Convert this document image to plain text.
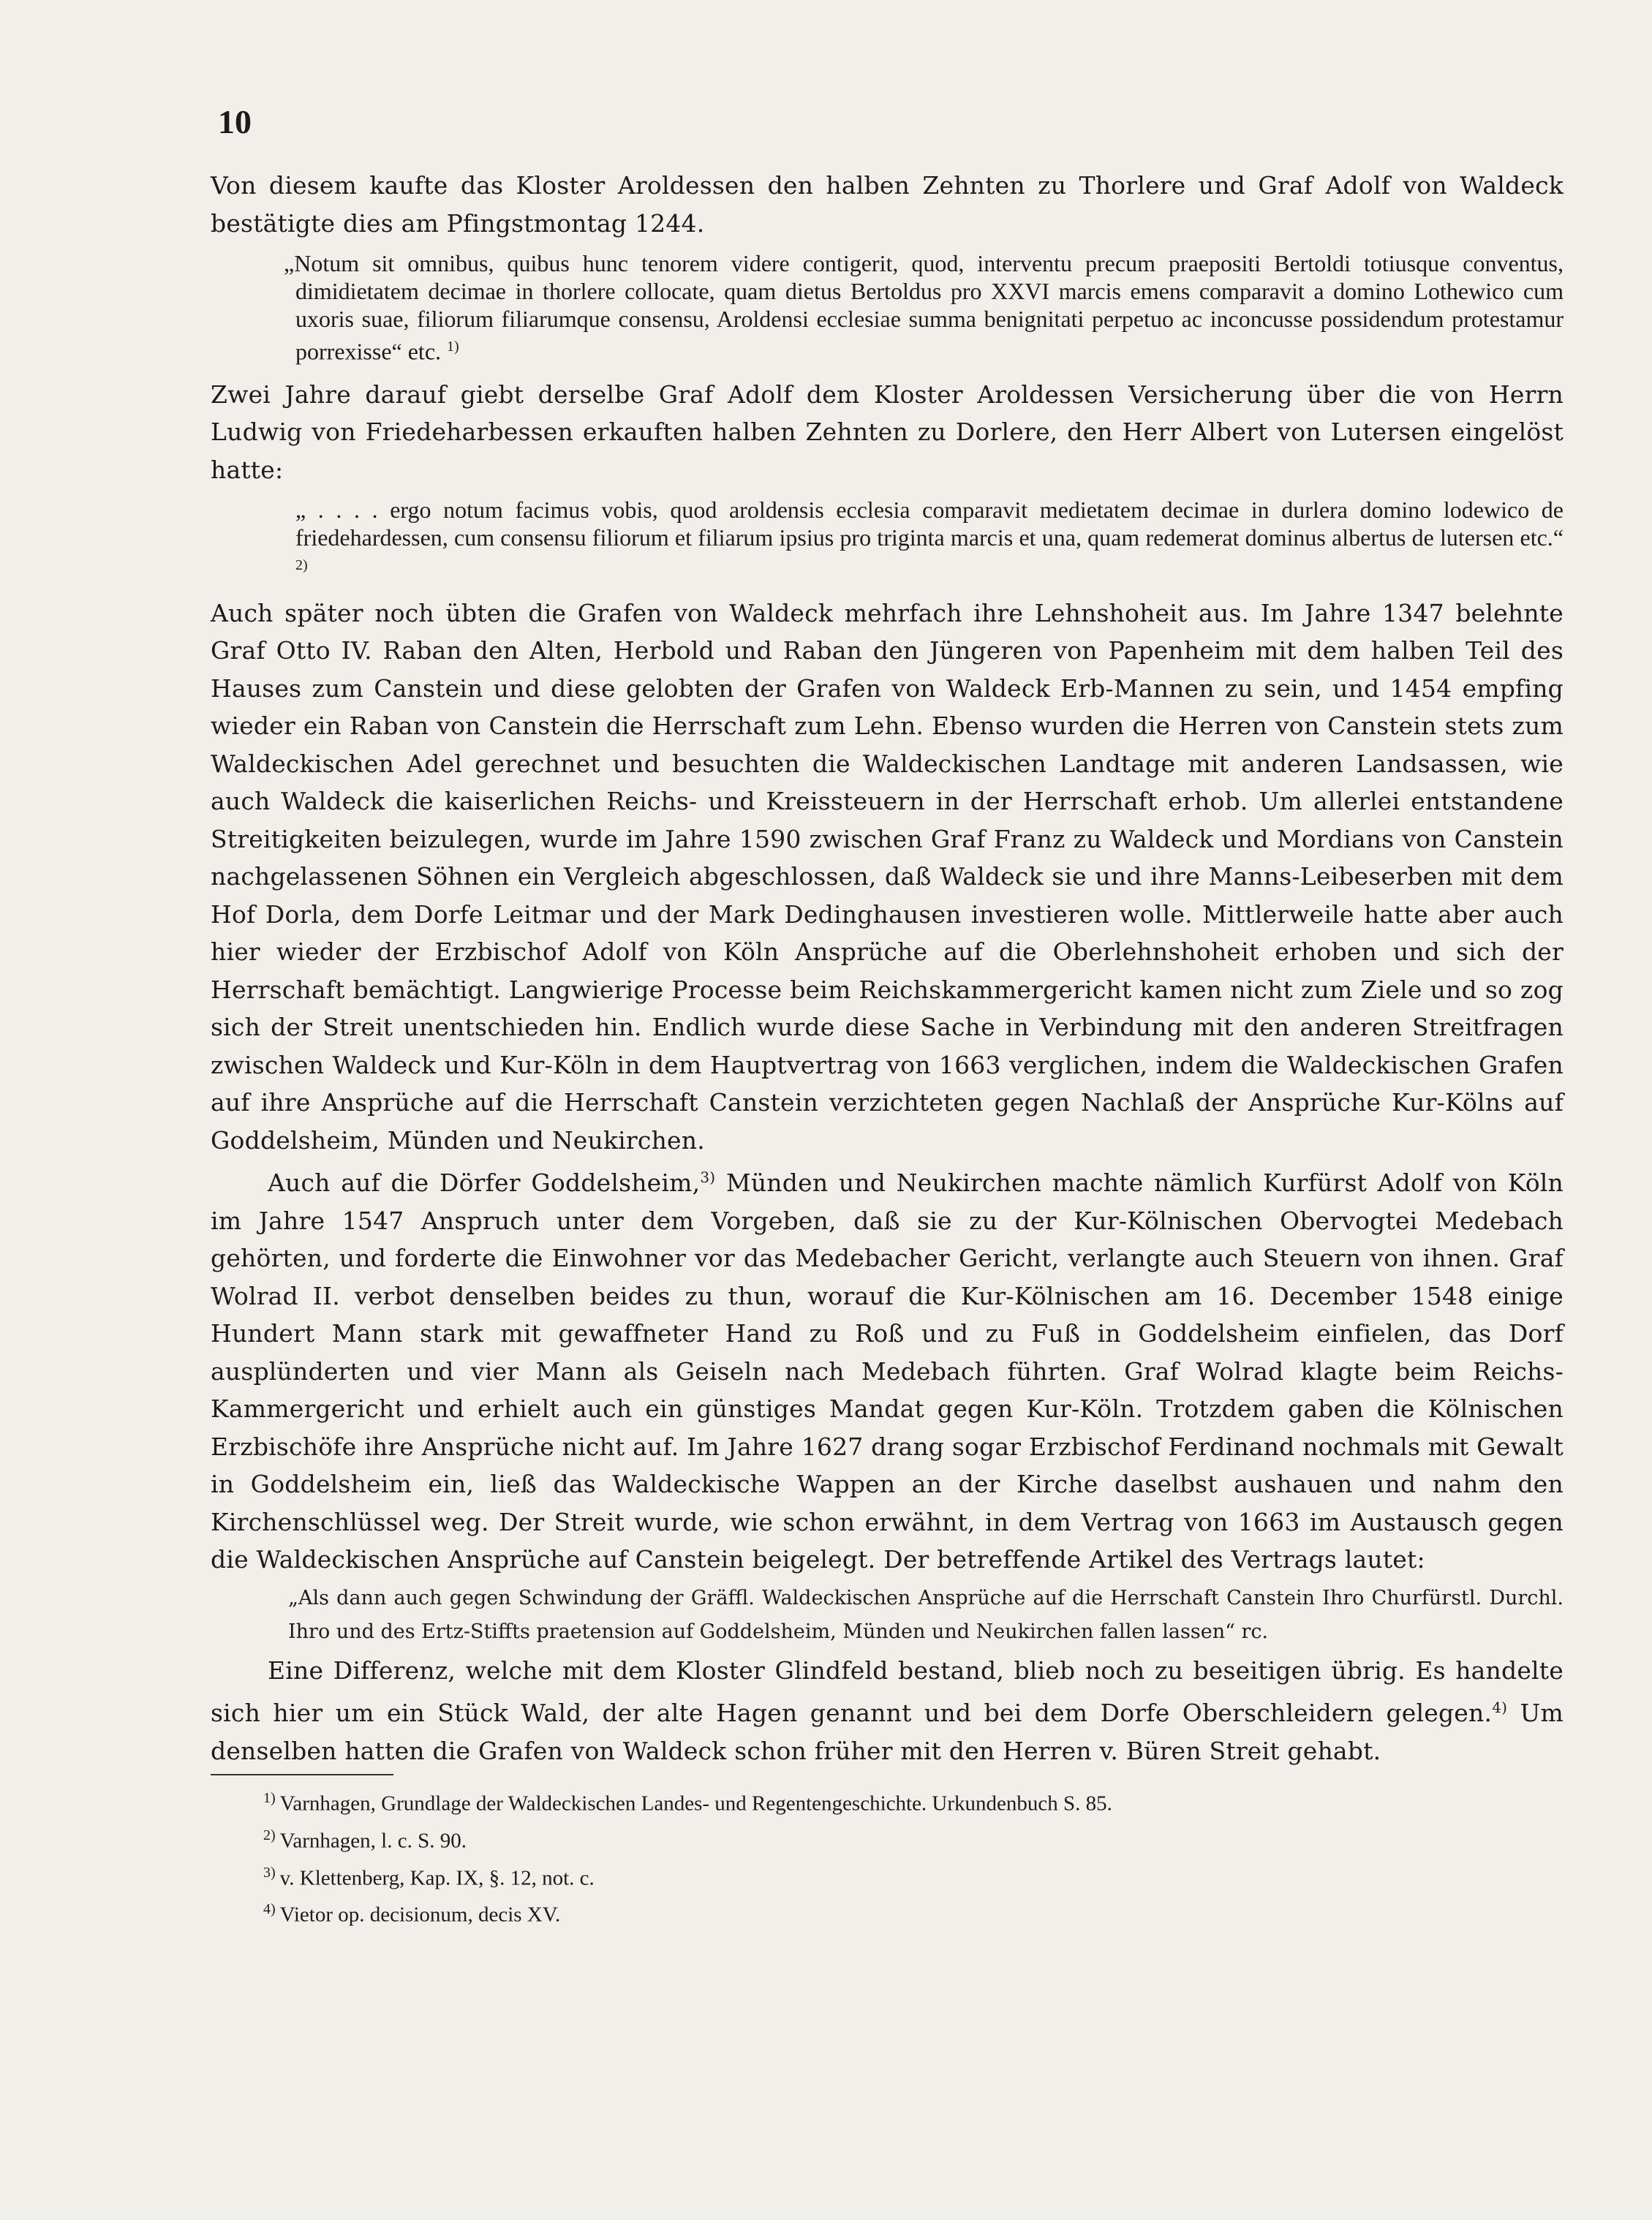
10

Von diesem kaufte das Kloster Aroldessen den halben Zehnten zu Thorlere und Graf Adolf von Waldeck bestätigte dies am Pfingstmontag 1244.

„Notum sit omnibus, quibus hunc tenorem videre contigerit, quod, interventu precum praepositi Bertoldi totiusque conventus, dimidietatem decimae in thorlere collocate, quam dietus Bertoldus pro XXVI marcis emens comparavit a domino Lothewico cum uxoris suae, filiorum filiarumque consensu, Aroldensi ecclesiae summa benignitati perpetuo ac inconcusse possidendum protestamur porrexisse“ etc. $^{1)}$

Zwei Jahre darauf giebt derselbe Graf Adolf dem Kloster Aroldessen Versicherung über die von Herrn Ludwig von Friedeharbessen erkauften halben Zehnten zu Dorlere, den Herr Albert von Lutersen eingelöst hatte:

„ . . . . ergo notum facimus vobis, quod aroldensis ecclesia comparavit medietatem decimae in durlera domino lodewico de friedehardessen, cum consensu filiorum et filiarum ipsius pro triginta marcis et una, quam redemerat dominus albertus de lutersen etc.“ $^{2)}$

Auch später noch übten die Grafen von Waldeck mehrfach ihre Lehnshoheit aus. Im Jahre 1347 belehnte Graf Otto IV. Raban den Alten, Herbold und Raban den Jüngeren von Papenheim mit dem halben Teil des Hauses zum Canstein und diese gelobten der Grafen von Waldeck Erb-Mannen zu sein, und 1454 empfing wieder ein Raban von Canstein die Herrschaft zum Lehn. Ebenso wurden die Herren von Canstein stets zum Waldeckischen Adel gerechnet und besuchten die Waldeckischen Landtage mit anderen Landsassen, wie auch Waldeck die kaiserlichen Reichs- und Kreissteuern in der Herrschaft erhob. Um allerlei entstandene Streitigkeiten beizulegen, wurde im Jahre 1590 zwischen Graf Franz zu Waldeck und Mordians von Canstein nachgelassenen Söhnen ein Vergleich abgeschlossen, daß Waldeck sie und ihre Manns-Leibeserben mit dem Hof Dorla, dem Dorfe Leitmar und der Mark Dedinghausen investieren wolle. Mittlerweile hatte aber auch hier wieder der Erzbischof Adolf von Köln Ansprüche auf die Oberlehnshoheit erhoben und sich der Herrschaft bemächtigt. Langwierige Processe beim Reichskammergericht kamen nicht zum Ziele und so zog sich der Streit unentschieden hin. Endlich wurde diese Sache in Verbindung mit den anderen Streitfragen zwischen Waldeck und Kur-Köln in dem Hauptvertrag von 1663 verglichen, indem die Waldeckischen Grafen auf ihre Ansprüche auf die Herrschaft Canstein verzichteten gegen Nachlaß der Ansprüche Kur-Kölns auf Goddelsheim, Münden und Neukirchen.

Auch auf die Dörfer Goddelsheim,$^{3)}$ Münden und Neukirchen machte nämlich Kurfürst Adolf von Köln im Jahre 1547 Anspruch unter dem Vorgeben, daß sie zu der Kur-Kölnischen Obervogtei Medebach gehörten, und forderte die Einwohner vor das Medebacher Gericht, verlangte auch Steuern von ihnen. Graf Wolrad II. verbot denselben beides zu thun, worauf die Kur-Kölnischen am 16. December 1548 einige Hundert Mann stark mit gewaffneter Hand zu Roß und zu Fuß in Goddelsheim einfielen, das Dorf ausplünderten und vier Mann als Geiseln nach Medebach führten. Graf Wolrad klagte beim Reichs-Kammergericht und erhielt auch ein günstiges Mandat gegen Kur-Köln. Trotzdem gaben die Kölnischen Erzbischöfe ihre Ansprüche nicht auf. Im Jahre 1627 drang sogar Erzbischof Ferdinand nochmals mit Gewalt in Goddelsheim ein, ließ das Waldeckische Wappen an der Kirche daselbst aushauen und nahm den Kirchenschlüssel weg. Der Streit wurde, wie schon erwähnt, in dem Vertrag von 1663 im Austausch gegen die Waldeckischen Ansprüche auf Canstein beigelegt. Der betreffende Artikel des Vertrags lautet:

„Als dann auch gegen Schwindung der Gräffl. Waldeckischen Ansprüche auf die Herrschaft Canstein Ihro Churfürstl. Durchl. Ihro und des Ertz-Stiffts praetension auf Goddelsheim, Münden und Neukirchen fallen lassen“ rc.

Eine Differenz, welche mit dem Kloster Glindfeld bestand, blieb noch zu beseitigen übrig. Es handelte sich hier um ein Stück Wald, der alte Hagen genannt und bei dem Dorfe Oberschleidern gelegen.$^{4)}$ Um denselben hatten die Grafen von Waldeck schon früher mit den Herren v. Büren Streit gehabt.

$^{1)}$ Varnhagen, Grundlage der Waldeckischen Landes- und Regentengeschichte. Urkundenbuch S. 85.
$^{2)}$ Varnhagen, l. c. S. 90.
$^{3)}$ v. Klettenberg, Kap. IX, §. 12, not. c.
$^{4)}$ Vietor op. decisionum, decis XV.
